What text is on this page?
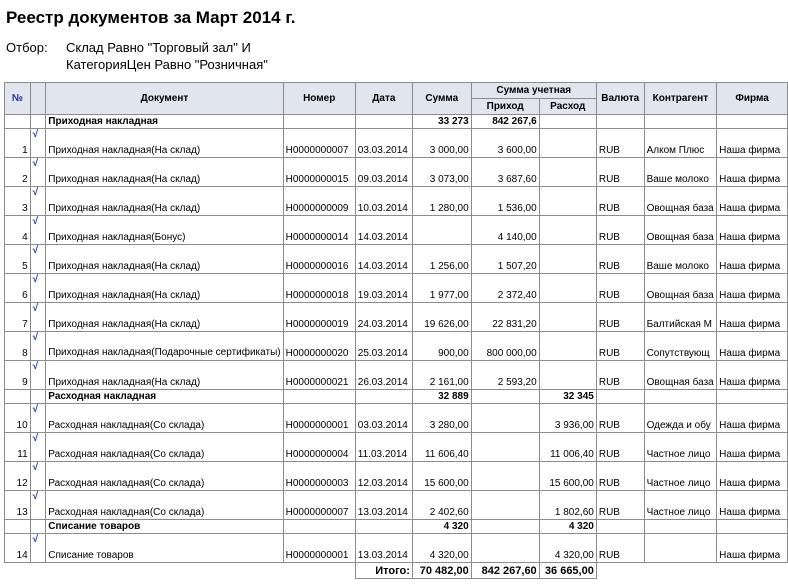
Реестр документов за Март 2014 г.
Отбор: Склад Равно "Торговый зал" И
КатегорияЦен Равно "Розничная"
№		Документ	Номер	Дата	Сумма	Сумма учетная		Валюта	Контрагент	Фирма
						Приход	Расход			
		Приходная накладная			33 273	842 267,6				
1	√	Приходная накладная(На склад)	Н0000000007	03.03.2014	3 000,00	3 600,00		RUB	Алком Плюс	Наша фирма
2	√	Приходная накладная(На склад)	Н0000000015	09.03.2014	3 073,00	3 687,60		RUB	Ваше молоко	Наша фирма
3	√	Приходная накладная(На склад)	Н0000000009	10.03.2014	1 280,00	1 536,00		RUB	Овощная база	Наша фирма
4	√	Приходная накладная(Бонус)	Н0000000014	14.03.2014		4 140,00		RUB	Овощная база	Наша фирма
5	√	Приходная накладная(На склад)	Н0000000016	14.03.2014	1 256,00	1 507,20		RUB	Ваше молоко	Наша фирма
6	√	Приходная накладная(На склад)	Н0000000018	19.03.2014	1 977,00	2 372,40		RUB	Овощная база	Наша фирма
7	√	Приходная накладная(На склад)	Н0000000019	24.03.2014	19 626,00	22 831,20		RUB	Балтийская М	Наша фирма
8	√	Приходная накладная(Подарочные сертификаты)	Н0000000020	25.03.2014	900,00	800 000,00		RUB	Сопутствующ	Наша фирма
9	√	Приходная накладная(На склад)	Н0000000021	26.03.2014	2 161,00	2 593,20		RUB	Овощная база	Наша фирма
		Расходная накладная			32 889		32 345			
10	√	Расходная накладная(Со склада)	Н0000000001	03.03.2014	3 280,00		3 936,00	RUB	Одежда и обу	Наша фирма
11	√	Расходная накладная(Со склада)	Н0000000004	11.03.2014	11 606,40		11 006,40	RUB	Частное лицо	Наша фирма
12	√	Расходная накладная(Со склада)	Н0000000003	12.03.2014	15 600,00		15 600,00	RUB	Частное лицо	Наша фирма
13	√	Расходная накладная(Со склада)	Н0000000007	13.03.2014	2 402,60		1 802,60	RUB	Частное лицо	Наша фирма
		Списание товаров			4 320		4 320			
14	√	Списание товаров	Н0000000001	13.03.2014	4 320,00		4 320,00	RUB		Наша фирма
				Итого:	70 482,00	842 267,60	36 665,00			
